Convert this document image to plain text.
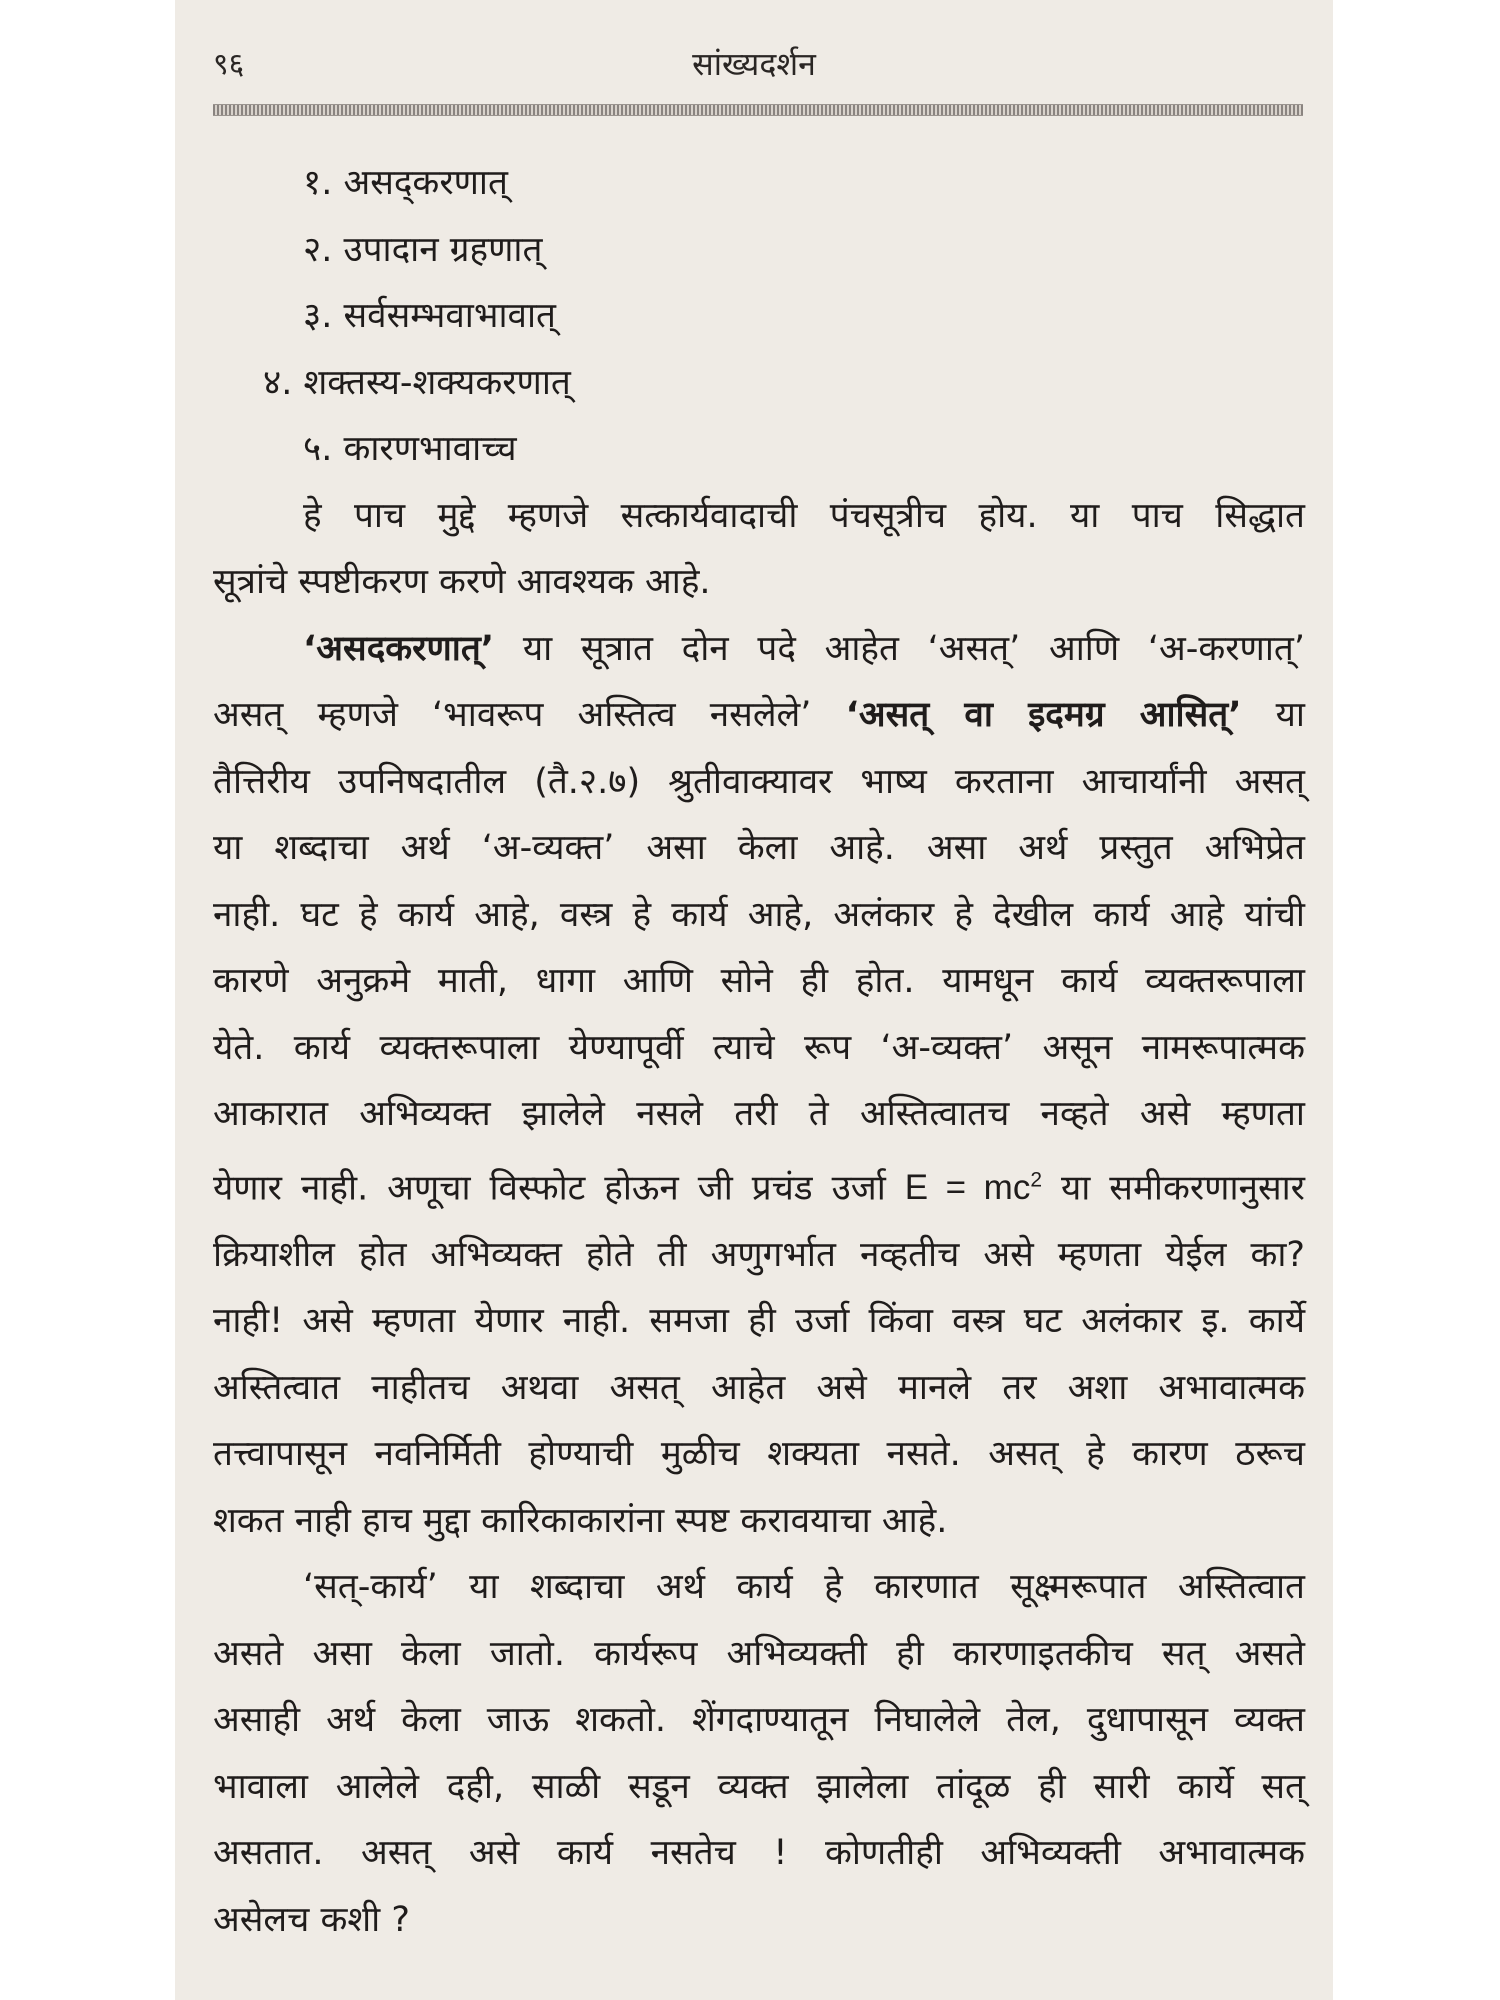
९६	सांख्यदर्शन
१. असद्करणात्
२. उपादान ग्रहणात्
३. सर्वसम्भवाभावात्
४. शक्तस्य-शक्यकरणात्
५. कारणभावाच्च
हे पाच मुद्दे म्हणजे सत्कार्यवादाची पंचसूत्रीच होय. या पाच सिद्धात
सूत्रांचे स्पष्टीकरण करणे आवश्यक आहे.
‘असदकरणात्’ या सूत्रात दोन पदे आहेत ‘असत्’ आणि ‘अ-करणात्’
असत् म्हणजे ‘भावरूप अस्तित्व नसलेले’ ‘असत् वा इदमग्र आसित्’ या
तैत्तिरीय उपनिषदातील (तै.२.७) श्रुतीवाक्यावर भाष्य करताना आचार्यांनी असत्
या शब्दाचा अर्थ ‘अ-व्यक्त’ असा केला आहे. असा अर्थ प्रस्तुत अभिप्रेत
नाही. घट हे कार्य आहे, वस्त्र हे कार्य आहे, अलंकार हे देखील कार्य आहे यांची
कारणे अनुक्रमे माती, धागा आणि सोने ही होत. यामधून कार्य व्यक्तरूपाला
येते. कार्य व्यक्तरूपाला येण्यापूर्वी त्याचे रूप ‘अ-व्यक्त’ असून नामरूपात्मक
आकारात अभिव्यक्त झालेले नसले तरी ते अस्तित्वातच नव्हते असे म्हणता
येणार नाही. अणूचा विस्फोट होऊन जी प्रचंड उर्जा $E = mc^2$ या समीकरणानुसार
क्रियाशील होत अभिव्यक्त होते ती अणुगर्भात नव्हतीच असे म्हणता येईल का?
नाही! असे म्हणता येणार नाही. समजा ही उर्जा किंवा वस्त्र घट अलंकार इ. कार्ये
अस्तित्वात नाहीतच अथवा असत् आहेत असे मानले तर अशा अभावात्मक
तत्त्वापासून नवनिर्मिती होण्याची मुळीच शक्यता नसते. असत् हे कारण ठरूच
शकत नाही हाच मुद्दा कारिकाकारांना स्पष्ट करावयाचा आहे.
‘सत्-कार्य’ या शब्दाचा अर्थ कार्य हे कारणात सूक्ष्मरूपात अस्तित्वात
असते असा केला जातो. कार्यरूप अभिव्यक्ती ही कारणाइतकीच सत् असते
असाही अर्थ केला जाऊ शकतो. शेंगदाण्यातून निघालेले तेल, दुधापासून व्यक्त
भावाला आलेले दही, साळी सडून व्यक्त झालेला तांदूळ ही सारी कार्ये सत्
असतात. असत् असे कार्य नसतेच ! कोणतीही अभिव्यक्ती अभावात्मक
असेलच कशी ?
